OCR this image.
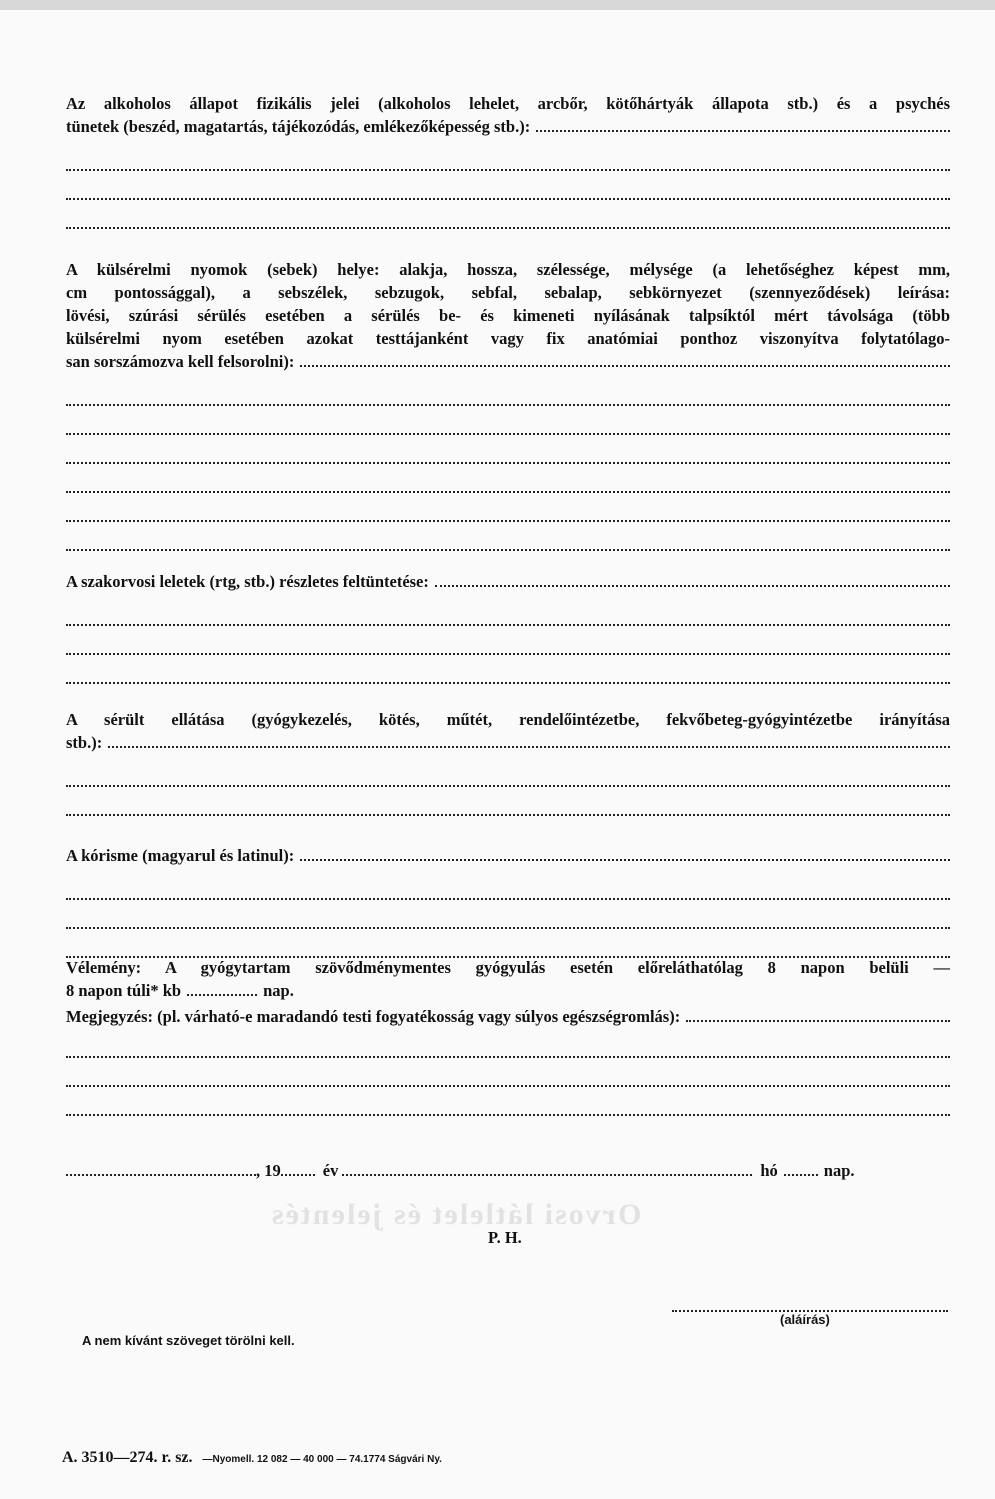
Az alkoholos állapot fizikális jelei (alkoholos lehelet, arcbőr, kötőhártyák állapota stb.) és a psychés
tünetek (beszéd, magatartás, tájékozódás, emlékezőképesség stb.):
A külsérelmi nyomok (sebek) helye: alakja, hossza, szélessége, mélysége (a lehetőséghez képest mm,
cm pontossággal), a sebszélek, sebzugok, sebfal, sebalap, sebkörnyezet (szennyeződések) leírása:
lövési, szúrási sérülés esetében a sérülés be- és kimeneti nyílásának talpsíktól mért távolsága (több
külsérelmi nyom esetében azokat testtájanként vagy fix anatómiai ponthoz viszonyítva folytatólago-
san sorszámozva kell felsorolni):
A szakorvosi leletek (rtg, stb.) részletes feltüntetése:
A sérült ellátása (gyógykezelés, kötés, műtét, rendelőintézetbe, fekvőbeteg-gyógyintézetbe irányítása
stb.):
A kórisme (magyarul és latinul):
Vélemény: A gyógytartam szövődménymentes gyógyulás esetén előreláthatólag 8 napon belüli —
8 napon túli* kb	nap.
Megjegyzés: (pl. várható-e maradandó testi fogyatékosság vagy súlyos egészségromlás):
, 19	év	hó	nap.
Orvosi látlelet és jelentés
P. H.
(aláírás)
A nem kívánt szöveget törölni kell.
A. 3510—274. r. sz. —Nyomell. 12 082 — 40 000 — 74.1774 Ságvári Ny.
